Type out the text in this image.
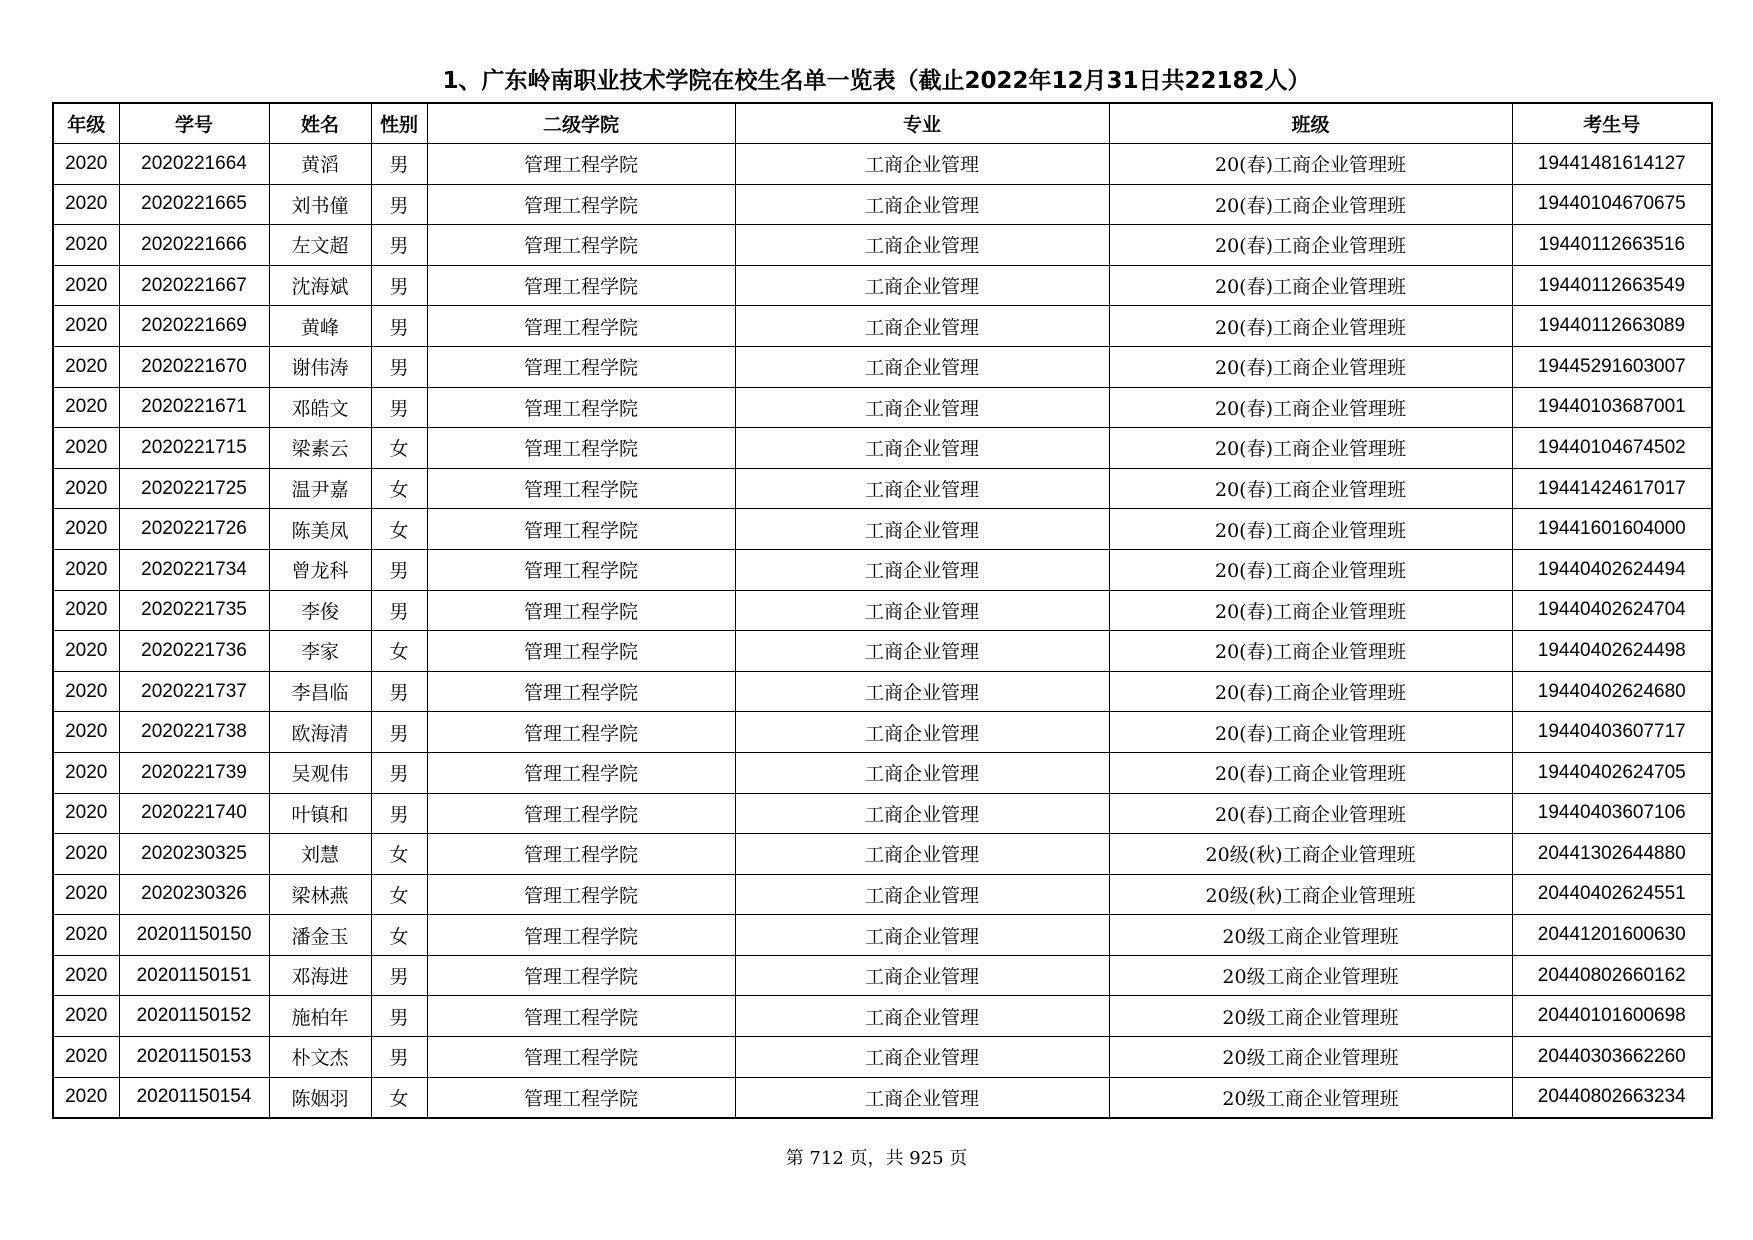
1、广东岭南职业技术学院在校生名单一览表（截止2022年12月31日共22182人）
年级	学号	姓名	性别	二级学院	专业	班级	考生号
2020	2020221664	黄滔	男	管理工程学院	工商企业管理	20(春)工商企业管理班	19441481614127
2020	2020221665	刘书僮	男	管理工程学院	工商企业管理	20(春)工商企业管理班	19440104670675
2020	2020221666	左文超	男	管理工程学院	工商企业管理	20(春)工商企业管理班	19440112663516
2020	2020221667	沈海斌	男	管理工程学院	工商企业管理	20(春)工商企业管理班	19440112663549
2020	2020221669	黄峰	男	管理工程学院	工商企业管理	20(春)工商企业管理班	19440112663089
2020	2020221670	谢伟涛	男	管理工程学院	工商企业管理	20(春)工商企业管理班	19445291603007
2020	2020221671	邓皓文	男	管理工程学院	工商企业管理	20(春)工商企业管理班	19440103687001
2020	2020221715	梁素云	女	管理工程学院	工商企业管理	20(春)工商企业管理班	19440104674502
2020	2020221725	温尹嘉	女	管理工程学院	工商企业管理	20(春)工商企业管理班	19441424617017
2020	2020221726	陈美凤	女	管理工程学院	工商企业管理	20(春)工商企业管理班	19441601604000
2020	2020221734	曾龙科	男	管理工程学院	工商企业管理	20(春)工商企业管理班	19440402624494
2020	2020221735	李俊	男	管理工程学院	工商企业管理	20(春)工商企业管理班	19440402624704
2020	2020221736	李家	女	管理工程学院	工商企业管理	20(春)工商企业管理班	19440402624498
2020	2020221737	李昌临	男	管理工程学院	工商企业管理	20(春)工商企业管理班	19440402624680
2020	2020221738	欧海清	男	管理工程学院	工商企业管理	20(春)工商企业管理班	19440403607717
2020	2020221739	吴观伟	男	管理工程学院	工商企业管理	20(春)工商企业管理班	19440402624705
2020	2020221740	叶镇和	男	管理工程学院	工商企业管理	20(春)工商企业管理班	19440403607106
2020	2020230325	刘慧	女	管理工程学院	工商企业管理	20级(秋)工商企业管理班	20441302644880
2020	2020230326	梁林燕	女	管理工程学院	工商企业管理	20级(秋)工商企业管理班	20440402624551
2020	20201150150	潘金玉	女	管理工程学院	工商企业管理	20级工商企业管理班	20441201600630
2020	20201150151	邓海进	男	管理工程学院	工商企业管理	20级工商企业管理班	20440802660162
2020	20201150152	施柏年	男	管理工程学院	工商企业管理	20级工商企业管理班	20440101600698
2020	20201150153	朴文杰	男	管理工程学院	工商企业管理	20级工商企业管理班	20440303662260
2020	20201150154	陈姻羽	女	管理工程学院	工商企业管理	20级工商企业管理班	20440802663234
第 712 页，共 925 页
